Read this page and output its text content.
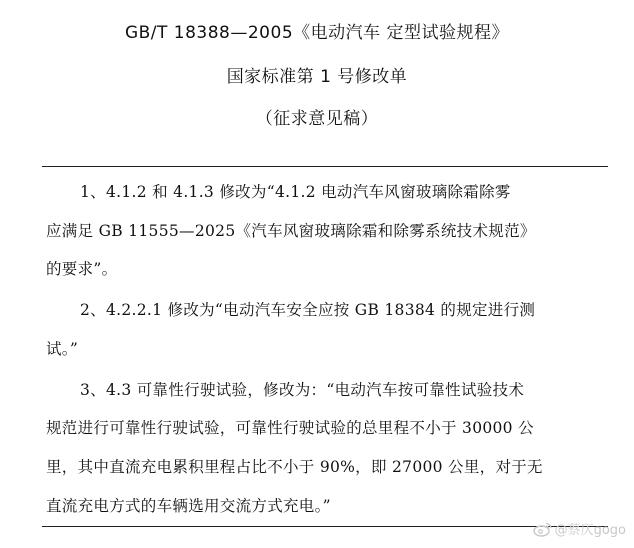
GB/T 18388—2005《电动汽车 定型试验规程》
国家标准第 1 号修改单
（征求意见稿）
1、4.1.2 和 4.1.3 修改为“4.1.2 电动汽车风窗玻璃除霜除雾
应满足 GB 11555—2025《汽车风窗玻璃除霜和除雾系统技术规范》
的要求”。
2、4.2.2.1 修改为“电动汽车安全应按 GB 18384 的规定进行测
试。”
3、4.3 可靠性行驶试验，修改为：“电动汽车按可靠性试验技术
规范进行可靠性行驶试验，可靠性行驶试验的总里程不小于 30000 公
里，其中直流充电累积里程占比不小于 90%，即 27000 公里，对于无
直流充电方式的车辆选用交流方式充电。”
@蔡仄gogo
